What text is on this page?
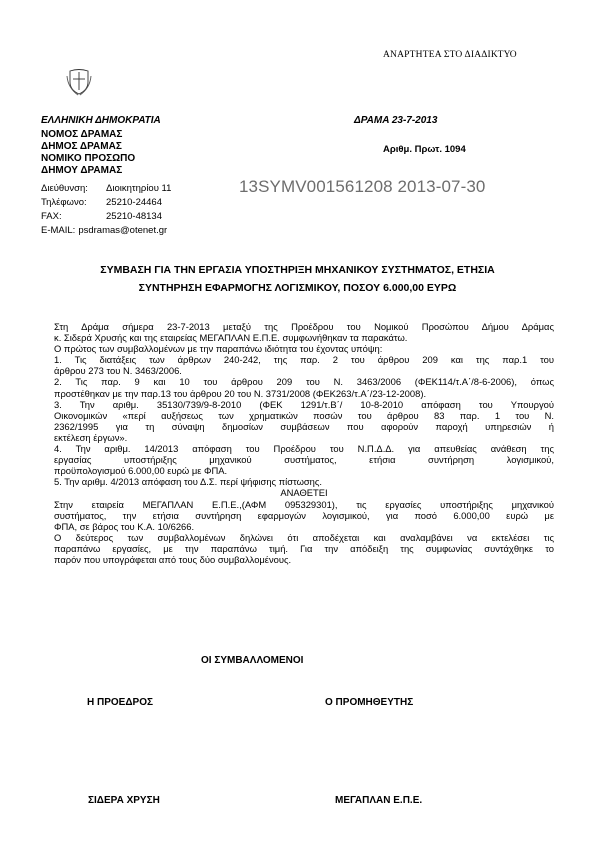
ΑΝΑΡΤΗΤΕΑ ΣΤΟ ΔΙΑΔΙΚΤΥΟ
ΕΛΛΗΝΙΚΗ ΔΗΜΟΚΡΑΤΙΑ	ΔΡΑΜΑ 23-7-2013
ΝΟΜΟΣ ΔΡΑΜΑΣ
ΔΗΜΟΣ ΔΡΑΜΑΣ
ΝΟΜΙΚΟ ΠΡΟΣΩΠΟ
ΔΗΜΟΥ ΔΡΑΜΑΣ
Αριθμ. Πρωτ. 1094
Διεύθυνση: Διοικητηρίου 11
Τηλέφωνο: 25210-24464
FAX:	25210-48134
E-MAIL: psdramas@otenet.gr
13SYMV001561208 2013-07-30
ΣΥΜΒΑΣΗ ΓΙΑ ΤΗΝ ΕΡΓΑΣΙΑ ΥΠΟΣΤΗΡΙΞΗ ΜΗΧΑΝΙΚΟΥ ΣΥΣΤΗΜΑΤΟΣ, ΕΤΗΣΙΑ
ΣΥΝΤΗΡΗΣΗ ΕΦΑΡΜΟΓΗΣ ΛΟΓΙΣΜΙΚΟΥ, ΠΟΣΟΥ 6.000,00 ΕΥΡΩ

Στη Δράμα σήμερα 23-7-2013 μεταξύ της Προέδρου του Νομικού Προσώπου Δήμου Δράμας

κ. Σιδερά Χρυσής και της εταιρείας ΜΕΓΑΠΛΑΝ Ε.Π.Ε. συμφωνήθηκαν τα παρακάτω.

Ο πρώτος των συμβαλλομένων με την παραπάνω ιδιότητα του έχοντας υπόψη:

1. Τις διατάξεις των άρθρων 240-242, της παρ. 2 του άρθρου 209 και της παρ.1 του

άρθρου 273 του Ν. 3463/2006.

2. Τις παρ. 9 και 10 του άρθρου 209 του Ν. 3463/2006 (ΦΕΚ114/τ.Α΄/8-6-2006), όπως

προστέθηκαν με την παρ.13 του άρθρου 20 του Ν. 3731/2008 (ΦΕΚ263/τ.Α΄/23-12-2008).

3. Την αριθμ. 35130/739/9-8-2010 (ΦΕΚ 1291/τ.Β΄/ 10-8-2010 απόφαση του Υπουργού

Οικονομικών «περί αυξήσεως των χρηματικών ποσών του άρθρου 83 παρ. 1 του Ν.

2362/1995 για τη σύναψη δημοσίων συμβάσεων που αφορούν παροχή υπηρεσιών ή

εκτέλεση έργων».

4. Την αριθμ. 14/2013 απόφαση του Προέδρου του Ν.Π.Δ.Δ. για απευθείας ανάθεση της

εργασίας υποστήριξης μηχανικού συστήματος, ετήσια συντήρηση λογισμικού,

προϋπολογισμού 6.000,00 ευρώ με ΦΠΑ.

5. Την αριθμ. 4/2013 απόφαση του Δ.Σ. περί ψήφισης πίστωσης.

ΑΝΑΘΕΤΕΙ

Στην εταιρεία ΜΕΓΑΠΛΑΝ Ε.Π.Ε.,(ΑΦΜ 095329301), τις εργασίες υποστήριξης μηχανικού

συστήματος, την ετήσια συντήρηση εφαρμογών λογισμικού, για ποσό 6.000,00 ευρώ με

ΦΠΑ, σε βάρος του Κ.Α. 10/6266.

Ο δεύτερος των συμβαλλομένων δηλώνει ότι αποδέχεται και αναλαμβάνει να εκτελέσει τις

παραπάνω εργασίες, με την παραπάνω τιμή. Για την απόδειξη της συμφωνίας συντάχθηκε το

παρόν που υπογράφεται από τους δύο συμβαλλομένους.

ΟΙ ΣΥΜΒΑΛΛΟΜΕΝΟΙ
Η ΠΡΟΕΔΡΟΣ	Ο ΠΡΟΜΗΘΕΥΤΗΣ
ΣΙΔΕΡΑ ΧΡΥΣΗ	ΜΕΓΑΠΛΑΝ Ε.Π.Ε.
